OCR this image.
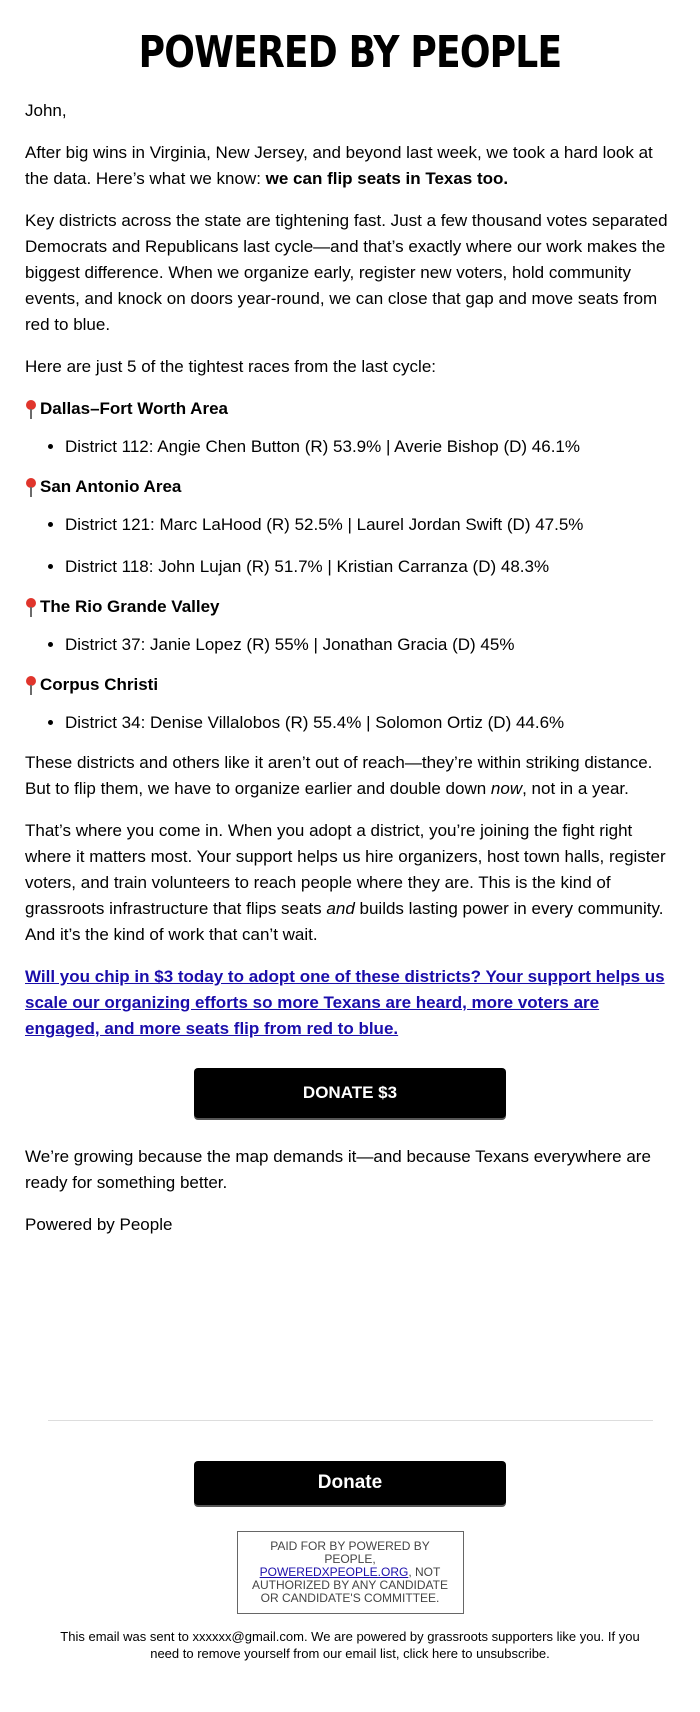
POWERED BY PEOPLE

John,

After big wins in Virginia, New Jersey, and beyond last week, we took a hard look at the data. Here’s what we know: we can flip seats in Texas too.

Key districts across the state are tightening fast. Just a few thousand votes separated Democrats and Republicans last cycle—and that’s exactly where our work makes the biggest difference. When we organize early, register new voters, hold community events, and knock on doors year-round, we can close that gap and move seats from red to blue.

Here are just 5 of the tightest races from the last cycle:

Dallas–Fort Worth Area
• District 112: Angie Chen Button (R) 53.9% | Averie Bishop (D) 46.1%
San Antonio Area
• District 121: Marc LaHood (R) 52.5% | Laurel Jordan Swift (D) 47.5%
• District 118: John Lujan (R) 51.7% | Kristian Carranza (D) 48.3%
The Rio Grande Valley
• District 37: Janie Lopez (R) 55% | Jonathan Gracia (D) 45%
Corpus Christi
• District 34: Denise Villalobos (R) 55.4% | Solomon Ortiz (D) 44.6%

These districts and others like it aren’t out of reach—they’re within striking distance. But to flip them, we have to organize earlier and double down now, not in a year.

That’s where you come in. When you adopt a district, you’re joining the fight right where it matters most. Your support helps us hire organizers, host town halls, register voters, and train volunteers to reach people where they are. This is the kind of grassroots infrastructure that flips seats and builds lasting power in every community. And it’s the kind of work that can’t wait.

Will you chip in $3 today to adopt one of these districts? Your support helps us scale our organizing efforts so more Texans are heard, more voters are engaged, and more seats flip from red to blue.
DONATE $3

We’re growing because the map demands it—and because Texans everywhere are ready for something better.

Powered by People

Donate
PAID FOR BY POWERED BY PEOPLE, POWEREDXPEOPLE.ORG, NOT AUTHORIZED BY ANY CANDIDATE OR CANDIDATE'S COMMITTEE.
This email was sent to xxxxxx@gmail.com. We are powered by grassroots supporters like you. If you need to remove yourself from our email list, click here to unsubscribe.
